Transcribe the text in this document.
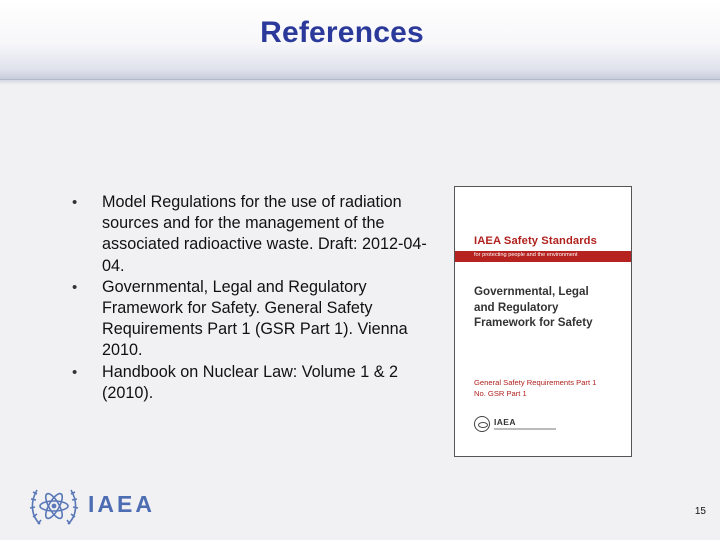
References
• Model Regulations for the use of radiation sources and for the management of the associated radioactive waste. Draft: 2012-04-04.
• Governmental, Legal and Regulatory Framework for Safety. General Safety Requirements Part 1 (GSR Part 1). Vienna 2010.
• Handbook on Nuclear Law: Volume 1 & 2 (2010).
IAEA Safety Standards
for protecting people and the environment
Governmental, Legal
and Regulatory
Framework for Safety
General Safety Requirements Part 1
No. GSR Part 1
IAEA
IAEA	15
